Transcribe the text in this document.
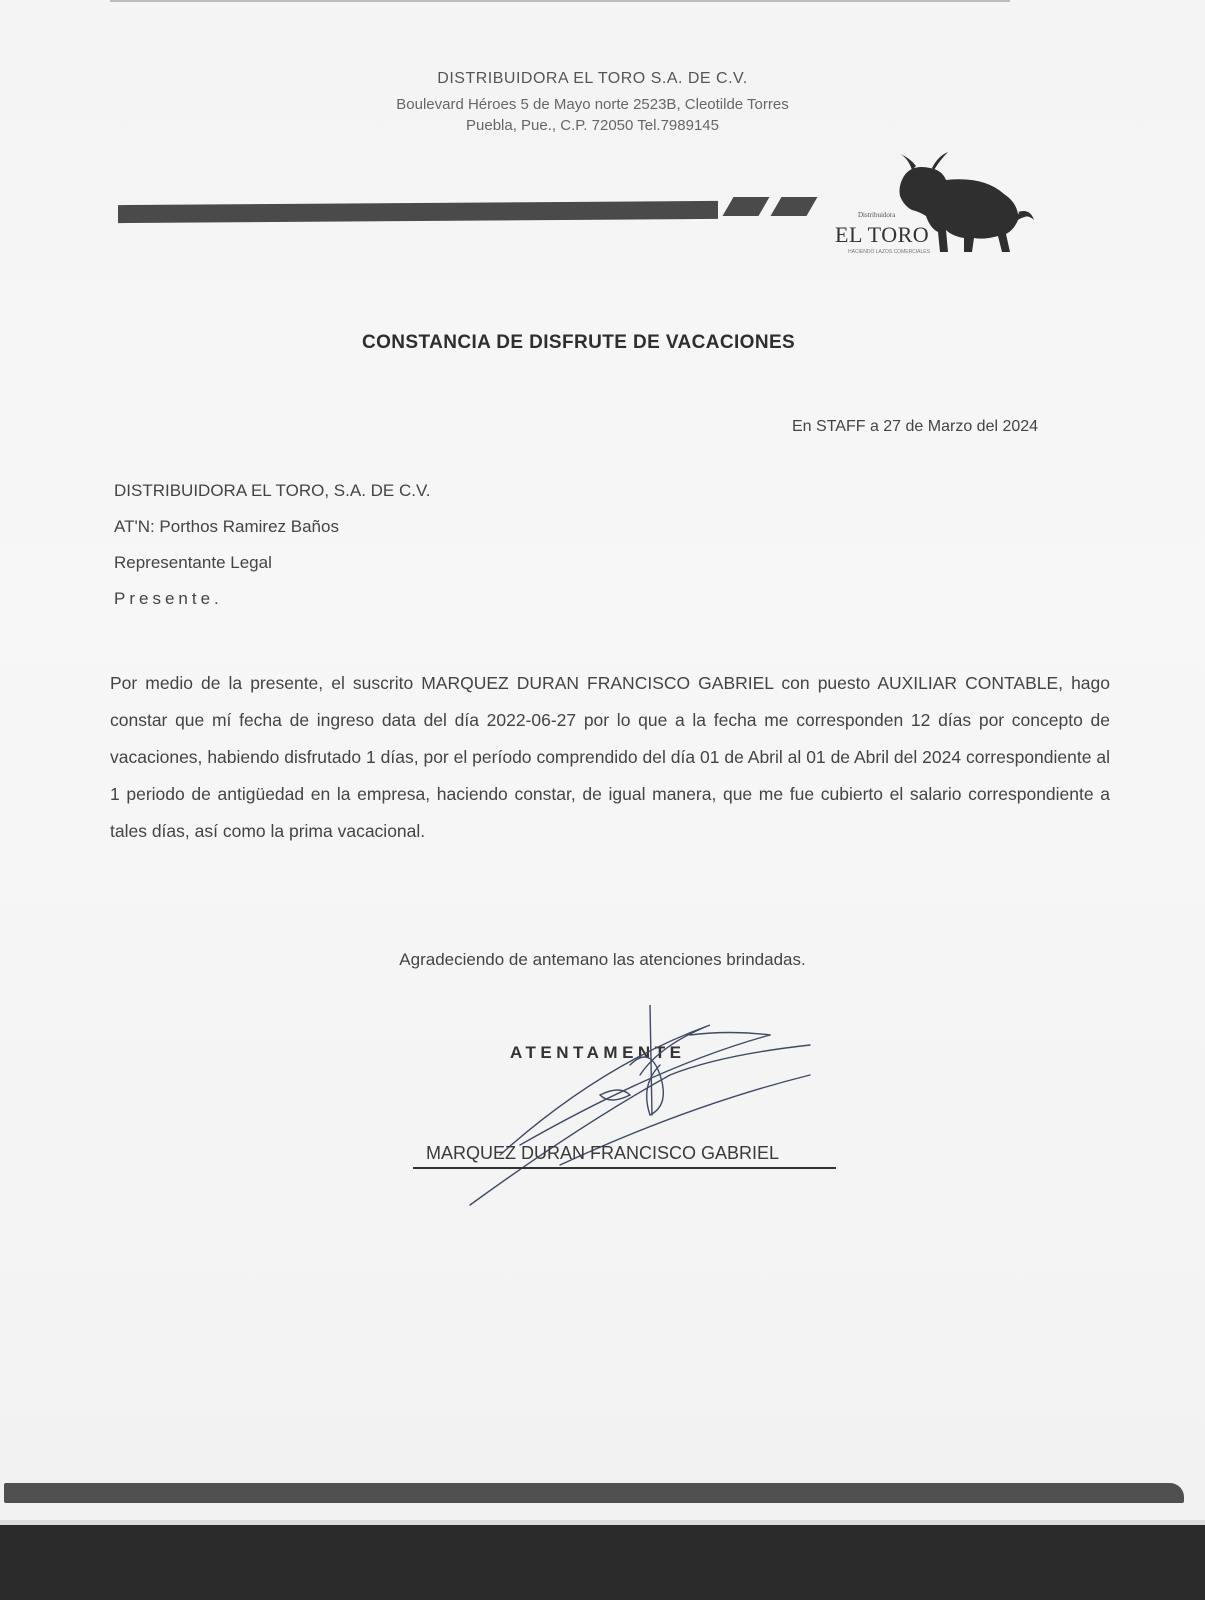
DISTRIBUIDORA EL TORO S.A. DE C.V.
Boulevard Héroes 5 de Mayo norte 2523B, Cleotilde Torres
Puebla, Pue., C.P. 72050 Tel.7989145
Distribuidora
EL TORO
HACIENDO LAZOS COMERCIALES
CONSTANCIA DE DISFRUTE DE VACACIONES
En STAFF a 27 de Marzo del 2024
DISTRIBUIDORA EL TORO, S.A. DE C.V.
AT'N: Porthos Ramirez Baños
Representante Legal
Presente.
Por medio de la presente, el suscrito MARQUEZ DURAN FRANCISCO GABRIEL con puesto AUXILIAR CONTABLE, hago constar que mí fecha de ingreso data del día 2022-06-27 por lo que a la fecha me corresponden 12 días por concepto de vacaciones, habiendo disfrutado 1 días, por el período comprendido del día 01 de Abril al 01 de Abril del 2024 correspondiente al 1 periodo de antigüedad en la empresa, haciendo constar, de igual manera, que me fue cubierto el salario correspondiente a tales días, así como la prima vacacional.
Agradeciendo de antemano las atenciones brindadas.
ATENTAMENTE
MARQUEZ DURAN FRANCISCO GABRIEL
